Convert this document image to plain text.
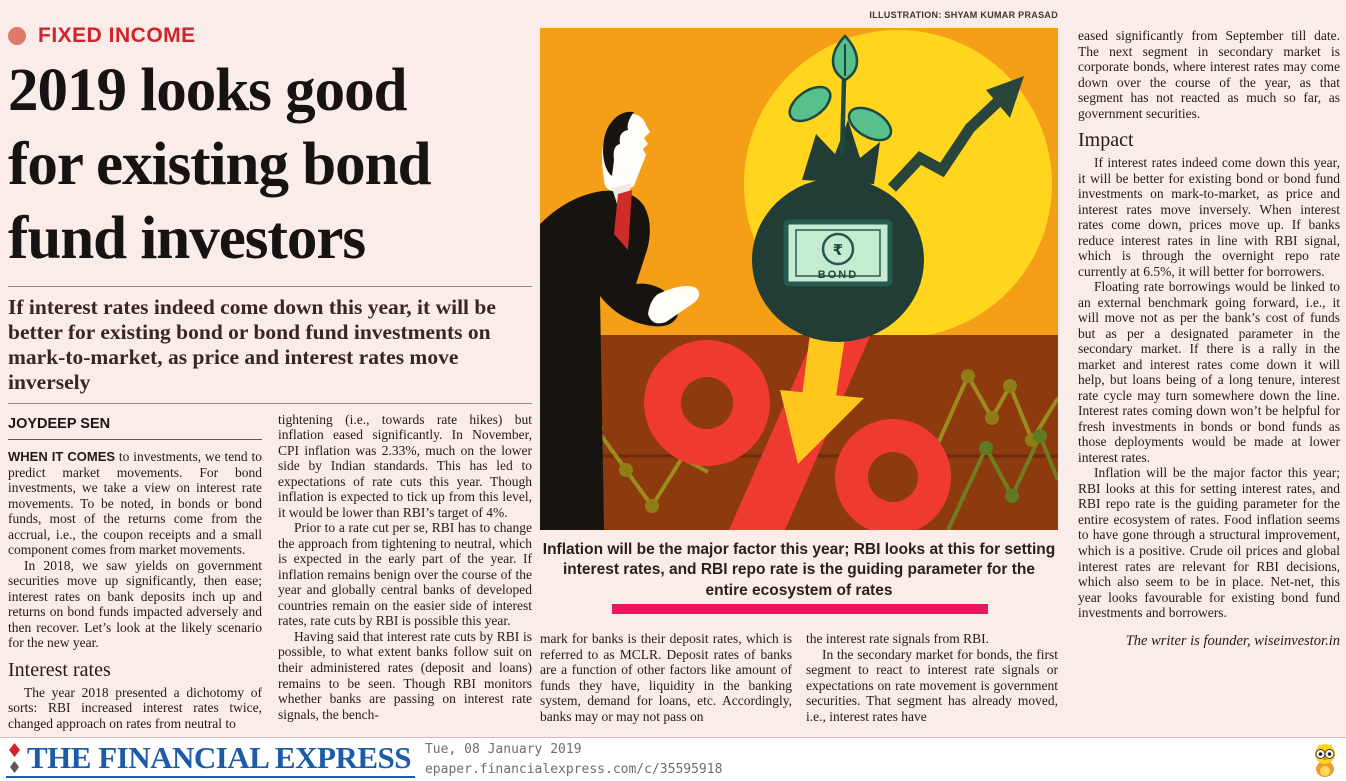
FIXED INCOME
2019 looks good
for existing bond
fund investors
If interest rates indeed come down this year, it will be better for existing bond or bond fund investments on mark-to-market, as price and interest rates move inversely
JOYDEEP SEN

WHEN IT COMES to investments, we tend to predict market movements. For bond investments, we take a view on interest rate movements. To be noted, in bonds or bond funds, most of the returns come from the accrual, i.e., the coupon receipts and a small component comes from market movements.

In 2018, we saw yields on government securities move up significantly, then ease; interest rates on bank deposits inch up and returns on bond funds impacted adversely and then recover. Let’s look at the likely scenario for the new year.

Interest rates

The year 2018 presented a dichotomy of sorts: RBI increased interest rates twice, changed approach on rates from neutral to

tightening (i.e., towards rate hikes) but inflation eased significantly. In November, CPI inflation was 2.33%, much on the lower side by Indian standards. This has led to expectations of rate cuts this year. Though inflation is expected to tick up from this level, it would be lower than RBI’s target of 4%.

Prior to a rate cut per se, RBI has to change the approach from tightening to neutral, which is expected in the early part of the year. If inflation remains benign over the course of the year and globally central banks of developed countries remain on the easier side of interest rates, rate cuts by RBI is possible this year.

Having said that interest rate cuts by RBI is possible, to what extent banks follow suit on their administered rates (deposit and loans) remains to be seen. Though RBI monitors whether banks are passing on interest rate signals, the bench-

ILLUSTRATION: SHYAM KUMAR PRASAD
₹
BOND
Inflation will be the major factor this year; RBI looks at this for setting interest rates, and RBI repo rate is the guiding parameter for the entire ecosystem of rates

mark for banks is their deposit rates, which is referred to as MCLR. Deposit rates of banks are a function of other factors like amount of funds they have, liquidity in the banking system, demand for loans, etc. Accordingly, banks may or may not pass on

the interest rate signals from RBI.

In the secondary market for bonds, the first segment to react to interest rate signals or expectations on rate movement is government securities. That segment has already moved, i.e., interest rates have

eased significantly from September till date. The next segment in secondary market is corporate bonds, where interest rates may come down over the course of the year, as that segment has not reacted as much so far, as government securities.

Impact

If interest rates indeed come down this year, it will be better for existing bond or bond fund investments on mark-to-market, as price and interest rates move inversely. When interest rates come down, prices move up. If banks reduce interest rates in line with RBI signal, which is through the overnight repo rate currently at 6.5%, it will better for borrowers.

Floating rate borrowings would be linked to an external benchmark going forward, i.e., it will move not as per the bank’s cost of funds but as per a designated parameter in the secondary market. If there is a rally in the market and interest rates come down it will help, but loans being of a long tenure, interest rate cycle may turn somewhere down the line. Interest rates coming down won’t be helpful for fresh investments in bonds or bond funds as those deployments would be made at lower interest rates.

Inflation will be the major factor this year; RBI looks at this for setting interest rates, and RBI repo rate is the guiding parameter for the entire ecosystem of rates. Food inflation seems to have gone through a structural improvement, which is a positive. Crude oil prices and global interest rates are relevant for RBI decisions, which also seem to be in place. Net-net, this year looks favourable for existing bond fund investments and borrowers.

The writer is founder, wiseinvestor.in
THE FINANCIAL EXPRESS Tue, 08 January 2019
epaper.financialexpress.com/c/35595918
